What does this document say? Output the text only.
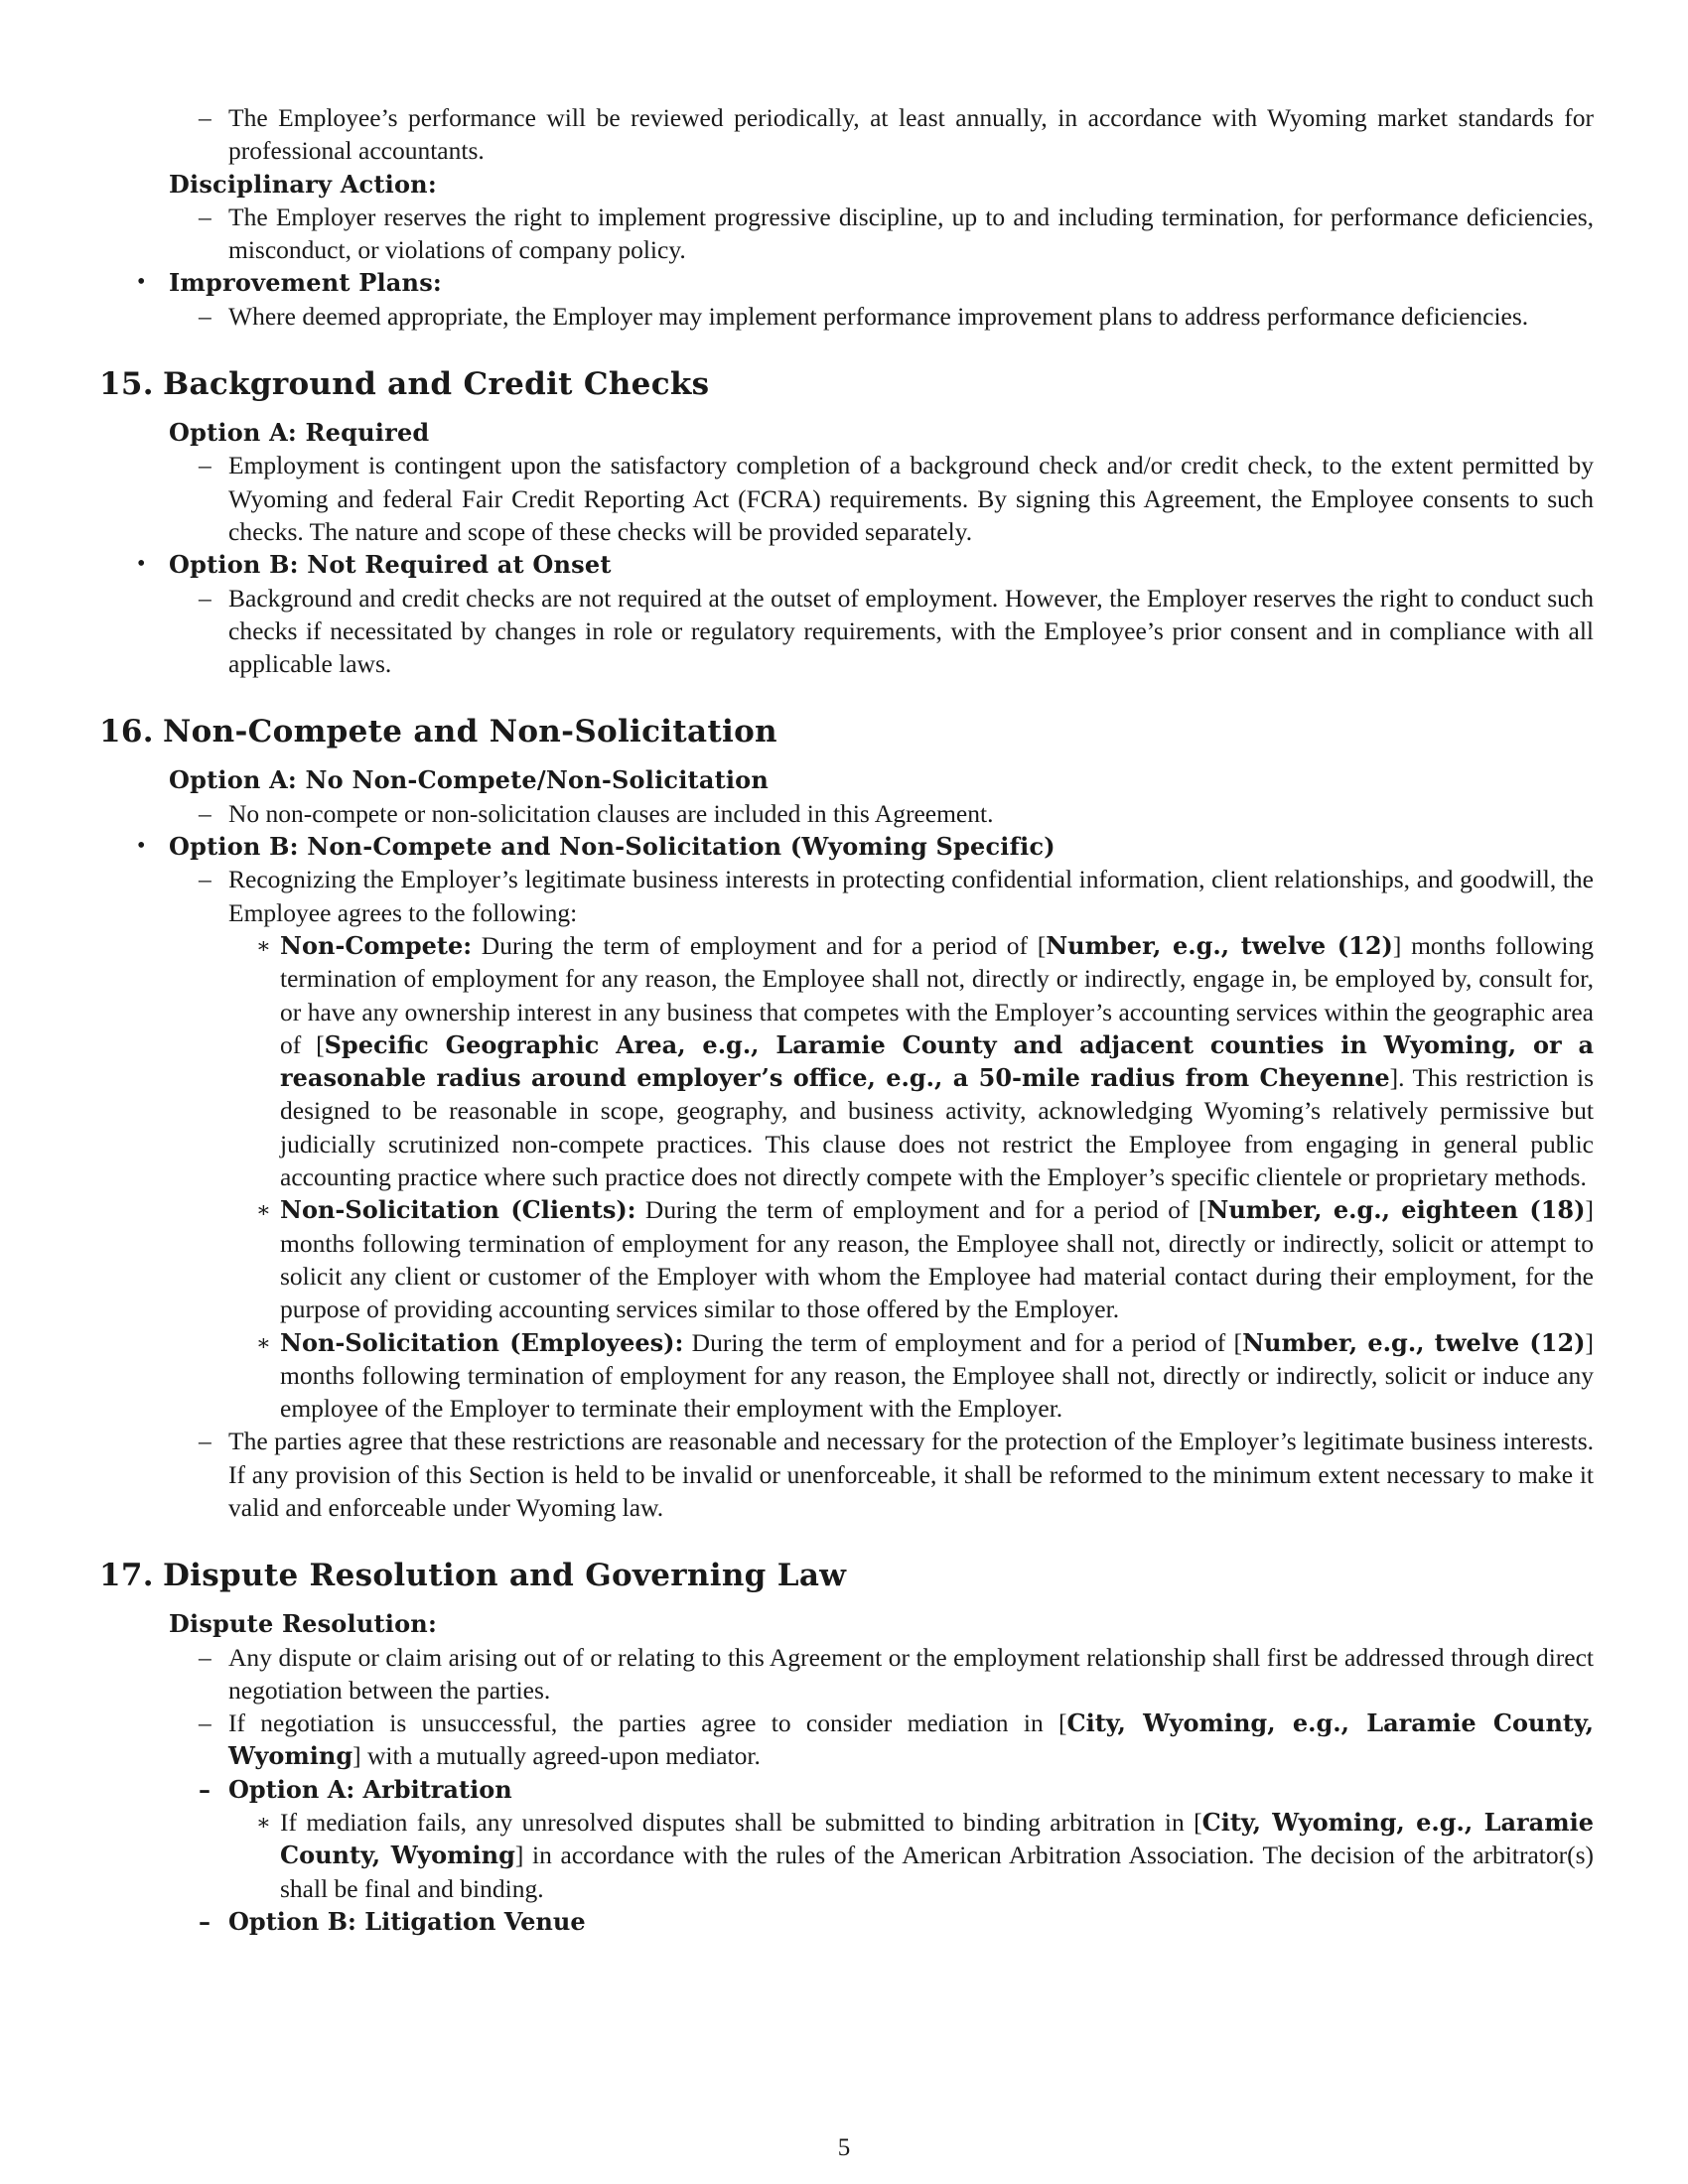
– The Employee’s performance will be reviewed periodically, at least annually, in accordance with Wyoming market standards for professional accountants.
Disciplinary Action:
– The Employer reserves the right to implement progressive discipline, up to and including termination, for performance deficiencies, misconduct, or violations of company policy.
• Improvement Plans:
– Where deemed appropriate, the Employer may implement performance improvement plans to address performance deficiencies.
15. Background and Credit Checks
Option A: Required
– Employment is contingent upon the satisfactory completion of a background check and/or credit check, to the extent permitted by Wyoming and federal Fair Credit Reporting Act (FCRA) requirements. By signing this Agreement, the Employee consents to such checks. The nature and scope of these checks will be provided separately.
• Option B: Not Required at Onset
– Background and credit checks are not required at the outset of employment. However, the Employer reserves the right to conduct such checks if necessitated by changes in role or regulatory requirements, with the Employee’s prior consent and in compliance with all applicable laws.
16. Non-Compete and Non-Solicitation
Option A: No Non-Compete/Non-Solicitation
– No non-compete or non-solicitation clauses are included in this Agreement.
• Option B: Non-Compete and Non-Solicitation (Wyoming Specific)
– Recognizing the Employer’s legitimate business interests in protecting confidential information, client relationships, and goodwill, the Employee agrees to the following:
∗ Non-Compete: During the term of employment and for a period of [Number, e.g., twelve (12)] months following termination of employment for any reason, the Employee shall not, directly or indirectly, engage in, be employed by, consult for, or have any ownership interest in any business that competes with the Employer’s accounting services within the geographic area of [Specific Geographic Area, e.g., Laramie County and adjacent counties in Wyoming, or a reasonable radius around employer’s office, e.g., a 50-mile radius from Cheyenne]. This restriction is designed to be reasonable in scope, geography, and business activity, acknowledging Wyoming’s relatively permissive but judicially scrutinized non-compete practices. This clause does not restrict the Employee from engaging in general public accounting practice where such practice does not directly compete with the Employer’s specific clientele or proprietary methods.
∗ Non-Solicitation (Clients): During the term of employment and for a period of [Number, e.g., eighteen (18)] months following termination of employment for any reason, the Employee shall not, directly or indirectly, solicit or attempt to solicit any client or customer of the Employer with whom the Employee had material contact during their employment, for the purpose of providing accounting services similar to those offered by the Employer.
∗ Non-Solicitation (Employees): During the term of employment and for a period of [Number, e.g., twelve (12)] months following termination of employment for any reason, the Employee shall not, directly or indirectly, solicit or induce any employee of the Employer to terminate their employment with the Employer.
– The parties agree that these restrictions are reasonable and necessary for the protection of the Employer’s legitimate business interests. If any provision of this Section is held to be invalid or unenforceable, it shall be reformed to the minimum extent necessary to make it valid and enforceable under Wyoming law.
17. Dispute Resolution and Governing Law
Dispute Resolution:
– Any dispute or claim arising out of or relating to this Agreement or the employment relationship shall first be addressed through direct negotiation between the parties.
– If negotiation is unsuccessful, the parties agree to consider mediation in [City, Wyoming, e.g., Laramie County, Wyoming] with a mutually agreed-upon mediator.
– Option A: Arbitration
∗ If mediation fails, any unresolved disputes shall be submitted to binding arbitration in [City, Wyoming, e.g., Laramie County, Wyoming] in accordance with the rules of the American Arbitration Association. The decision of the arbitrator(s) shall be final and binding.
– Option B: Litigation Venue
5
